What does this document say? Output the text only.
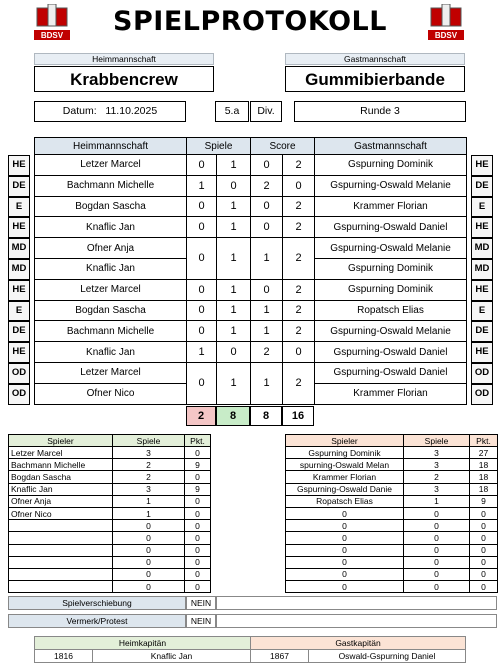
BDSV	BDSV
SPIELPROTOKOLL
Heimmannschaft	Gastmannschaft
Krabbencrew	Gummibierbande
Datum: 11.10.2025	5.a	Div.	Runde 3
Heimmannschaft	Spiele		Score		Gastmannschaft
Letzer Marcel	0	1	0	2	Gspurning Dominik
Bachmann Michelle	1	0	2	0	Gspurning-Oswald Melanie
Bogdan Sascha	0	1	0	2	Krammer Florian
Knaflic Jan	0	1	0	2	Gspurning-Oswald Daniel
Ofner Anja	0	1	1	2	Gspurning-Oswald Melanie
Knaflic Jan					Gspurning Dominik
Letzer Marcel	0	1	0	2	Gspurning Dominik
Bogdan Sascha	0	1	1	2	Ropatsch Elias
Bachmann Michelle	0	1	1	2	Gspurning-Oswald Melanie
Knaflic Jan	1	0	2	0	Gspurning-Oswald Daniel
Letzer Marcel	0	1	1	2	Gspurning-Oswald Daniel
Ofner Nico					Krammer Florian
HE	HE
DE	DE
E	E
HE	HE
MD	MD
MD	MD
HE	HE
E	E
DE	DE
HE	HE
OD	OD
OD	OD
2	8	8	16
Spieler	Spiele	Pkt.
Letzer Marcel	3	0
Bachmann Michelle	2	9
Bogdan Sascha	2	0
Knaflic Jan	3	9
Ofner Anja	1	0
Ofner Nico	1	0
	0	0
	0	0
	0	0
	0	0
	0	0
	0	0
Spieler	Spiele	Pkt.
Gspurning Dominik	3	27
spurning-Oswald Melan	3	18
Krammer Florian	2	18
Gspurning-Oswald Danie	3	18
Ropatsch Elias	1	9
0	0	0
0	0	0
0	0	0
0	0	0
0	0	0
0	0	0
0	0	0
Spielverschiebung	NEIN
Vermerk/Protest	NEIN
Heimkapitän		Gastkapitän	
1816	Knaflic Jan	1867	Oswald-Gspurning Daniel
